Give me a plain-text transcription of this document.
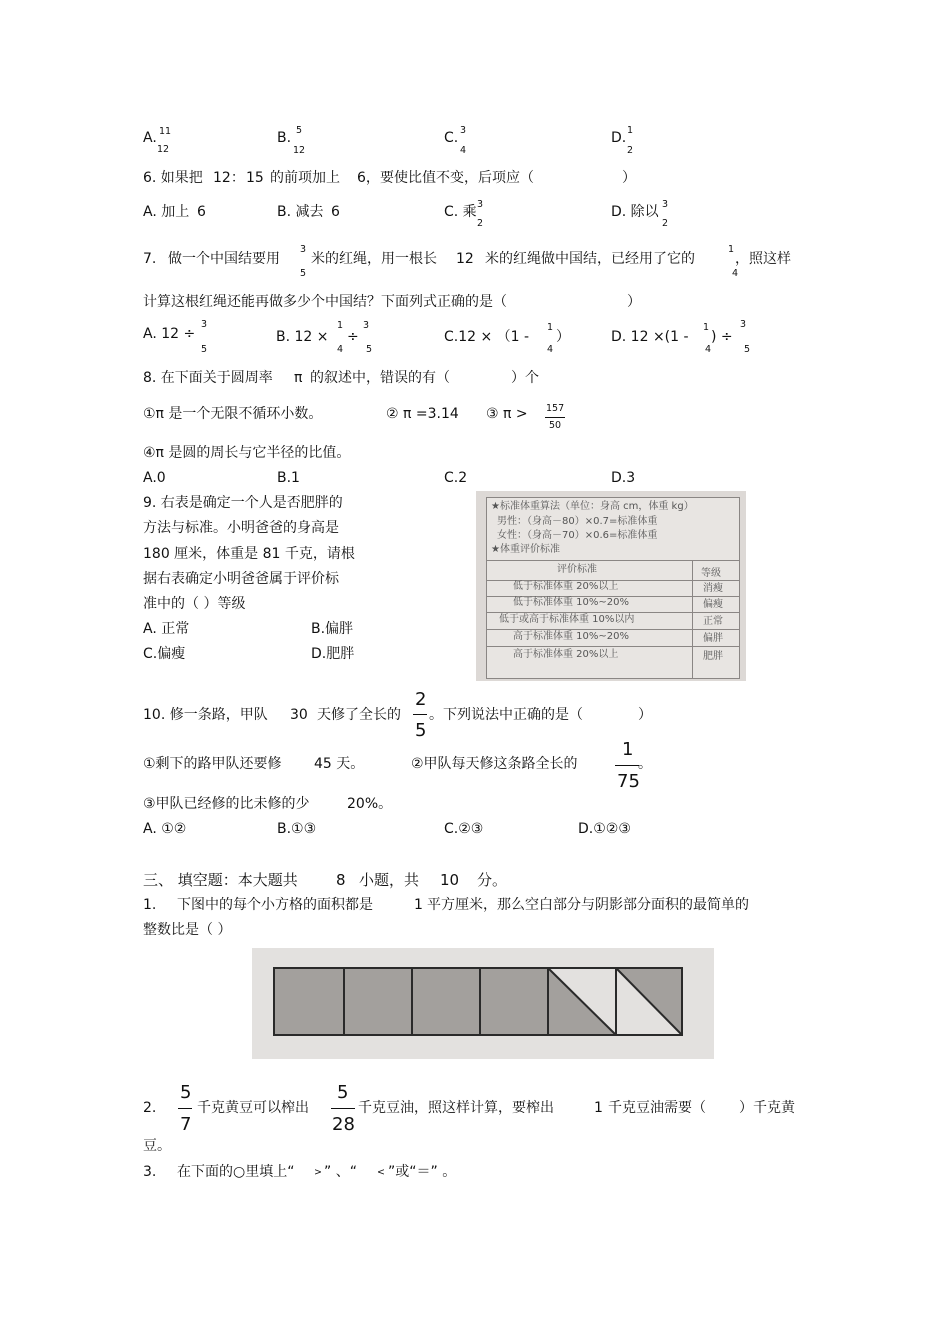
A. 11
12
B. 5
12
C. 3
4
D. 1
2
6. 如果把 12： 15 的前项加上 6， 要使比值不变，后项应（	）
A. 加上 6	B. 减去 6	C. 乘 3
2
D. 除以 3
2
7. 做一个中国结要用
3
5
米的红绳，用一根长 12 米的红绳做中国结，已经用了它的
1
4
，照这样
计算这根红绳还能再做多少个中国结？下面列式正确的是（	）
A. 12 ÷
3
5
B. 12 ×
1
4
÷
3
5
C.12 × （1 -
1
4
）	D. 12 ×(1 -
1
4
) ÷
3
5
8. 在下面关于圆周率 π 的叙述中，错误的有（	）个
①π 是一个无限不循环小数。	② π =3.14 ③ π > 157
50
④π 是圆的周长与它半径的比值。
A.0	B.1	C.2	D.3
9. 右表是确定一个人是否肥胖的
方法与标准。小明爸爸的身高是
180 厘米，体重是 81 千克，请根
据右表确定小明爸爸属于评价标
准中的（ ）等级
A. 正常	B.偏胖
C.偏瘦	D.肥胖
★标准体重算法（单位：身高 cm，体重 kg）
男性：（身高－80）×0.7=标准体重
女性：（身高－70）×0.6=标准体重
★体重评价标准
评价标准	等级
低于标准体重 20%以上	消瘦
低于标准体重 10%~20%	偏瘦
低于或高于标准体重 10%以内	正常
高于标准体重 10%~20%	偏胖
高于标准体重 20%以上	肥胖
10. 修一条路，甲队 30 天修了全长的
2
5
。下列说法中正确的是（	）
①剩下的路甲队还要修 45 天。	②甲队每天修这条路全长的
1
75
。
③甲队已经修的比未修的少	20%。
A. ①②	B.①③	C.②③	D.①②③
三、 填空题：本大题共	8 小题，共 10 分。
1. 下图中的每个小方格的面积都是	1 平方厘米，那么空白部分与阴影部分面积的最简单的
整数比是（ ）
2.
5
7
千克黄豆可以榨出
5
28
千克豆油，照这样计算，要榨出	1 千克豆油需要（ ）千克黄
豆。
3. 在下面的○里填上“ > ” 、“ < ”或“＝” 。
